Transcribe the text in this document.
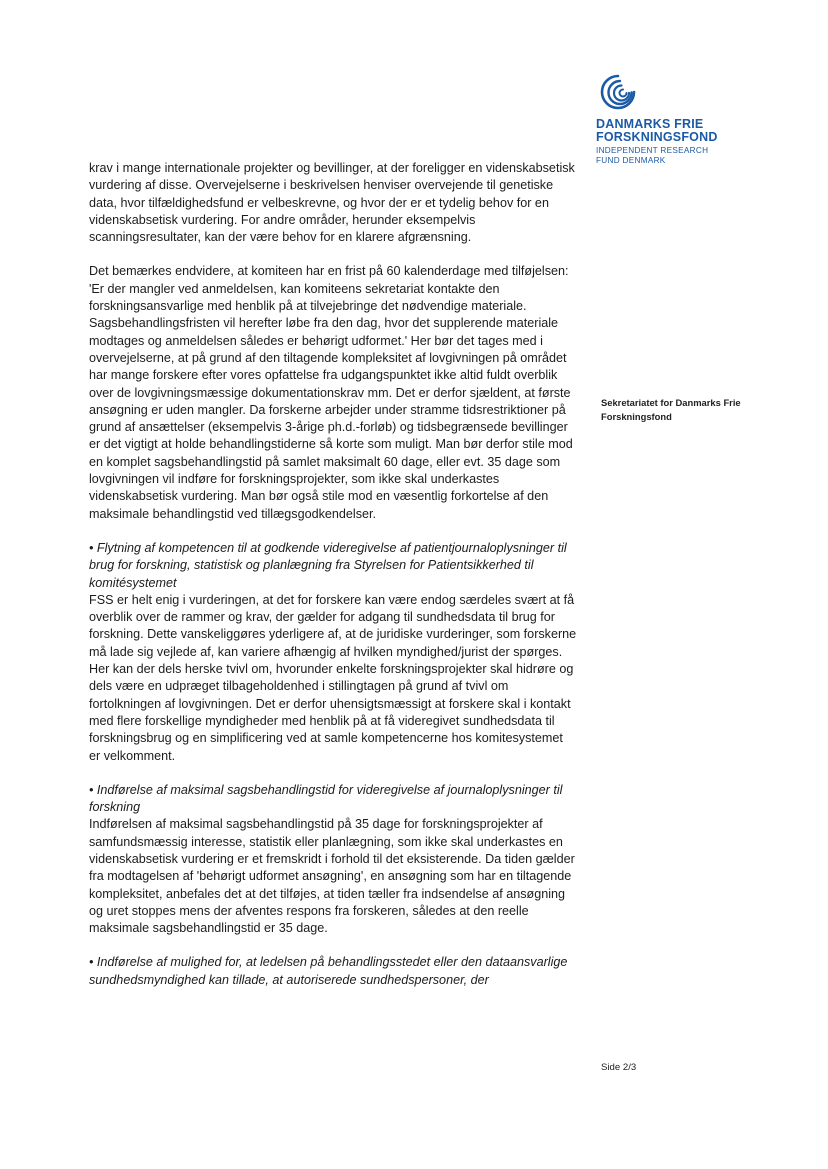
DANMARKS FRIE
FORSKNINGSFOND
INDEPENDENT RESEARCH
FUND DENMARK

krav i mange internationale projekter og bevillinger, at der foreligger en videnskabsetisk vurdering af disse. Overvejelserne i beskrivelsen henviser overvejende til genetiske data, hvor tilfældighedsfund er velbeskrevne, og hvor der er et tydelig behov for en videnskabsetisk vurdering. For andre områder, herunder eksempelvis scanningsresultater, kan der være behov for en klarere afgrænsning.

Det bemærkes endvidere, at komiteen har en frist på 60 kalenderdage med tilføjelsen: 'Er der mangler ved anmeldelsen, kan komiteens sekretariat kontakte den forskningsansvarlige med henblik på at tilvejebringe det nødvendige materiale. Sagsbehandlingsfristen vil herefter løbe fra den dag, hvor det supplerende materiale modtages og anmeldelsen således er behørigt udformet.' Her bør det tages med i overvejelserne, at på grund af den tiltagende kompleksitet af lovgivningen på området har mange forskere efter vores opfattelse fra udgangspunktet ikke altid fuldt overblik over de lovgivningsmæssige dokumentationskrav mm. Det er derfor sjældent, at første ansøgning er uden mangler. Da forskerne arbejder under stramme tidsrestriktioner på grund af ansættelser (eksempelvis 3-årige ph.d.-forløb) og tidsbegrænsede bevillinger er det vigtigt at holde behandlingstiderne så korte som muligt. Man bør derfor stile mod en komplet sagsbehandlingstid på samlet maksimalt 60 dage, eller evt. 35 dage som lovgivningen vil indføre for forskningsprojekter, som ikke skal underkastes videnskabsetisk vurdering. Man bør også stile mod en væsentlig forkortelse af den maksimale behandlingstid ved tillægsgodkendelser.

• Flytning af kompetencen til at godkende videregivelse af patientjournaloplysninger til brug for forskning, statistisk og planlægning fra Styrelsen for Patientsikkerhed til komitésystemet
FSS er helt enig i vurderingen, at det for forskere kan være endog særdeles svært at få overblik over de rammer og krav, der gælder for adgang til sundhedsdata til brug for forskning. Dette vanskeliggøres yderligere af, at de juridiske vurderinger, som forskerne må lade sig vejlede af, kan variere afhængig af hvilken myndighed/jurist der spørges. Her kan der dels herske tvivl om, hvorunder enkelte forskningsprojekter skal hidrøre og dels være en udpræget tilbageholdenhed i stillingtagen på grund af tvivl om fortolkningen af lovgivningen. Det er derfor uhensigtsmæssigt at forskere skal i kontakt med flere forskellige myndigheder med henblik på at få videregivet sundhedsdata til forskningsbrug og en simplificering ved at samle kompetencerne hos komitesystemet er velkomment.

• Indførelse af maksimal sagsbehandlingstid for videregivelse af journaloplysninger til forskning
Indførelsen af maksimal sagsbehandlingstid på 35 dage for forskningsprojekter af samfundsmæssig interesse, statistik eller planlægning, som ikke skal underkastes en videnskabsetisk vurdering er et fremskridt i forhold til det eksisterende. Da tiden gælder fra modtagelsen af 'behørigt udformet ansøgning', en ansøgning som har en tiltagende kompleksitet, anbefales det at det tilføjes, at tiden tæller fra indsendelse af ansøgning og uret stoppes mens der afventes respons fra forskeren, således at den reelle maksimale sagsbehandlingstid er 35 dage.

• Indførelse af mulighed for, at ledelsen på behandlingsstedet eller den dataansvarlige sundhedsmyndighed kan tillade, at autoriserede sundhedspersoner, der

Sekretariatet for Danmarks Frie Forskningsfond
Side 2/3
